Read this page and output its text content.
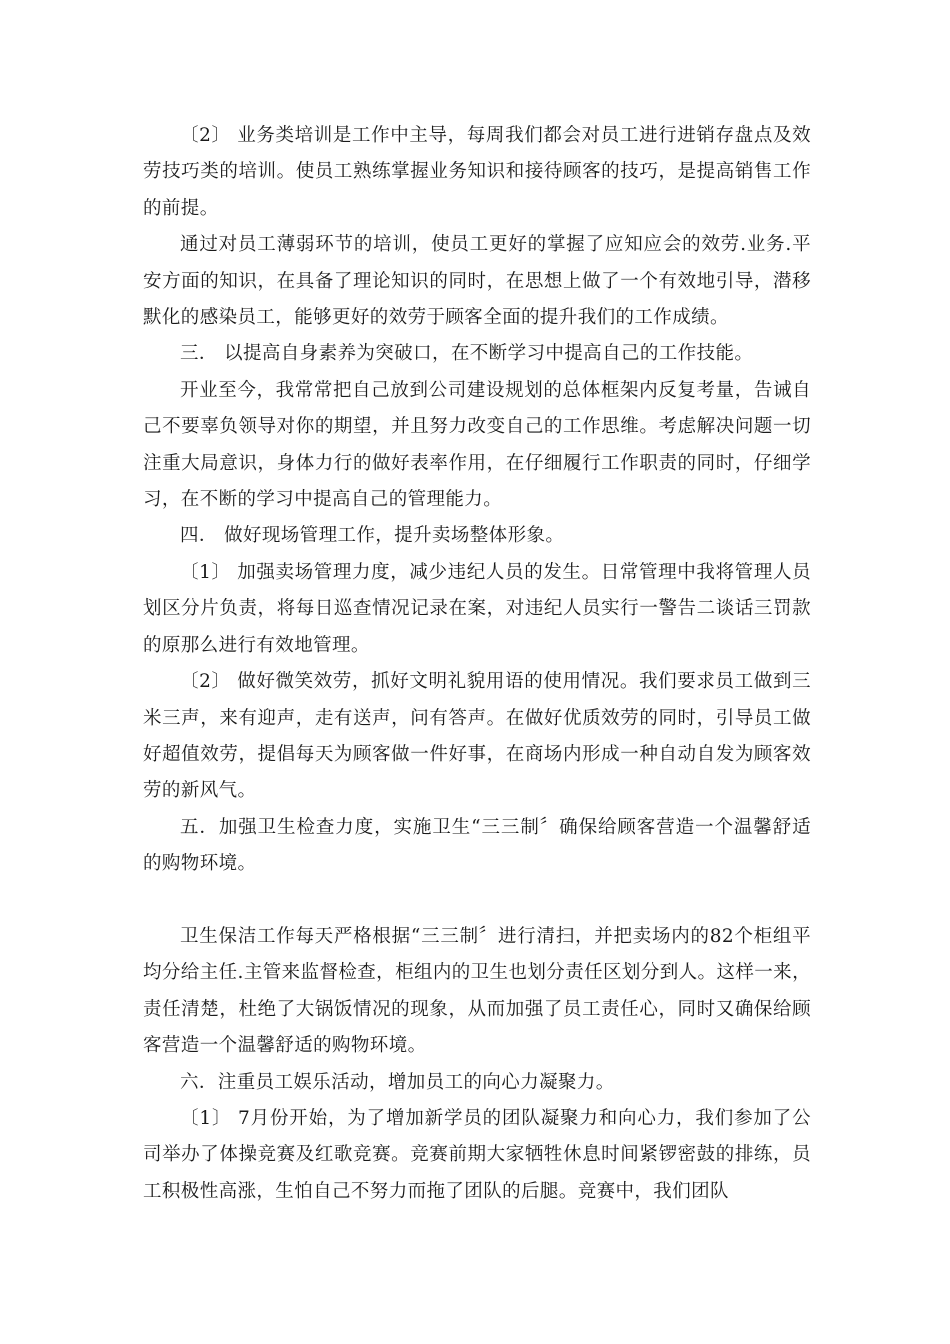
〔2〕 业务类培训是工作中主导，每周我们都会对员工进行进销存盘点及效劳技巧类的培训。使员工熟练掌握业务知识和接待顾客的技巧，是提高销售工作的前提。

通过对员工薄弱环节的培训，使员工更好的掌握了应知应会的效劳.业务.平安方面的知识，在具备了理论知识的同时，在思想上做了一个有效地引导，潜移默化的感染员工，能够更好的效劳于顾客全面的提升我们的工作成绩。

三． 以提高自身素养为突破口，在不断学习中提高自己的工作技能。

开业至今，我常常把自己放到公司建设规划的总体框架内反复考量，告诫自己不要辜负领导对你的期望，并且努力改变自己的工作思维。考虑解决问题一切注重大局意识，身体力行的做好表率作用，在仔细履行工作职责的同时，仔细学习，在不断的学习中提高自己的管理能力。

四． 做好现场管理工作，提升卖场整体形象。

〔1〕 加强卖场管理力度，减少违纪人员的发生。日常管理中我将管理人员划区分片负责，将每日巡查情况记录在案，对违纪人员实行一警告二谈话三罚款的原那么进行有效地管理。

〔2〕 做好微笑效劳，抓好文明礼貌用语的使用情况。我们要求员工做到三米三声，来有迎声，走有送声，问有答声。在做好优质效劳的同时，引导员工做好超值效劳，提倡每天为顾客做一件好事，在商场内形成一种自动自发为顾客效劳的新风气。

五．加强卫生检查力度，实施卫生“三三制〞确保给顾客营造一个温馨舒适的购物环境。

卫生保洁工作每天严格根据“三三制〞进行清扫，并把卖场内的82个柜组平均分给主任.主管来监督检查，柜组内的卫生也划分责任区划分到人。这样一来，责任清楚，杜绝了大锅饭情况的现象，从而加强了员工责任心，同时又确保给顾客营造一个温馨舒适的购物环境。

六．注重员工娱乐活动，增加员工的向心力凝聚力。

〔1〕 7月份开始，为了增加新学员的团队凝聚力和向心力，我们参加了公司举办了体操竞赛及红歌竞赛。竞赛前期大家牺牲休息时间紧锣密鼓的排练，员工积极性高涨，生怕自己不努力而拖了团队的后腿。竞赛中，我们团队
